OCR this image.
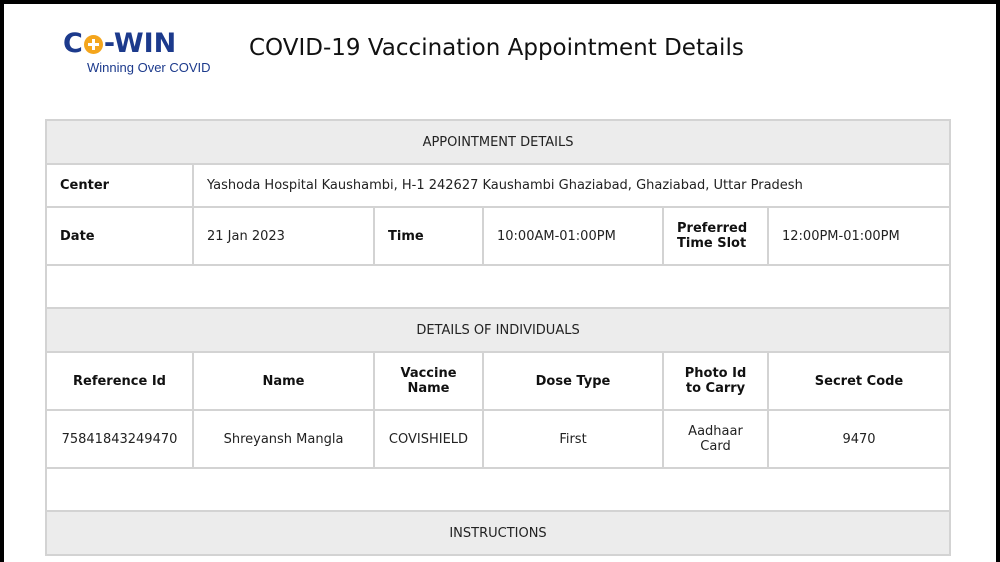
C -WIN
Winning Over COVID
COVID-19 Vaccination Appointment Details
APPOINTMENT DETAILS					
Center	Yashoda Hospital Kaushambi, H-1 242627 Kaushambi Ghaziabad, Ghaziabad, Uttar Pradesh				
Date	21 Jan 2023	Time	10:00AM-01:00PM	Preferred Time Slot	12:00PM-01:00PM

DETAILS OF INDIVIDUALS					
Reference Id	Name	Vaccine Name	Dose Type	Photo Id to Carry	Secret Code
75841843249470	Shreyansh Mangla	COVISHIELD	First	Aadhaar Card	9470

INSTRUCTIONS					
